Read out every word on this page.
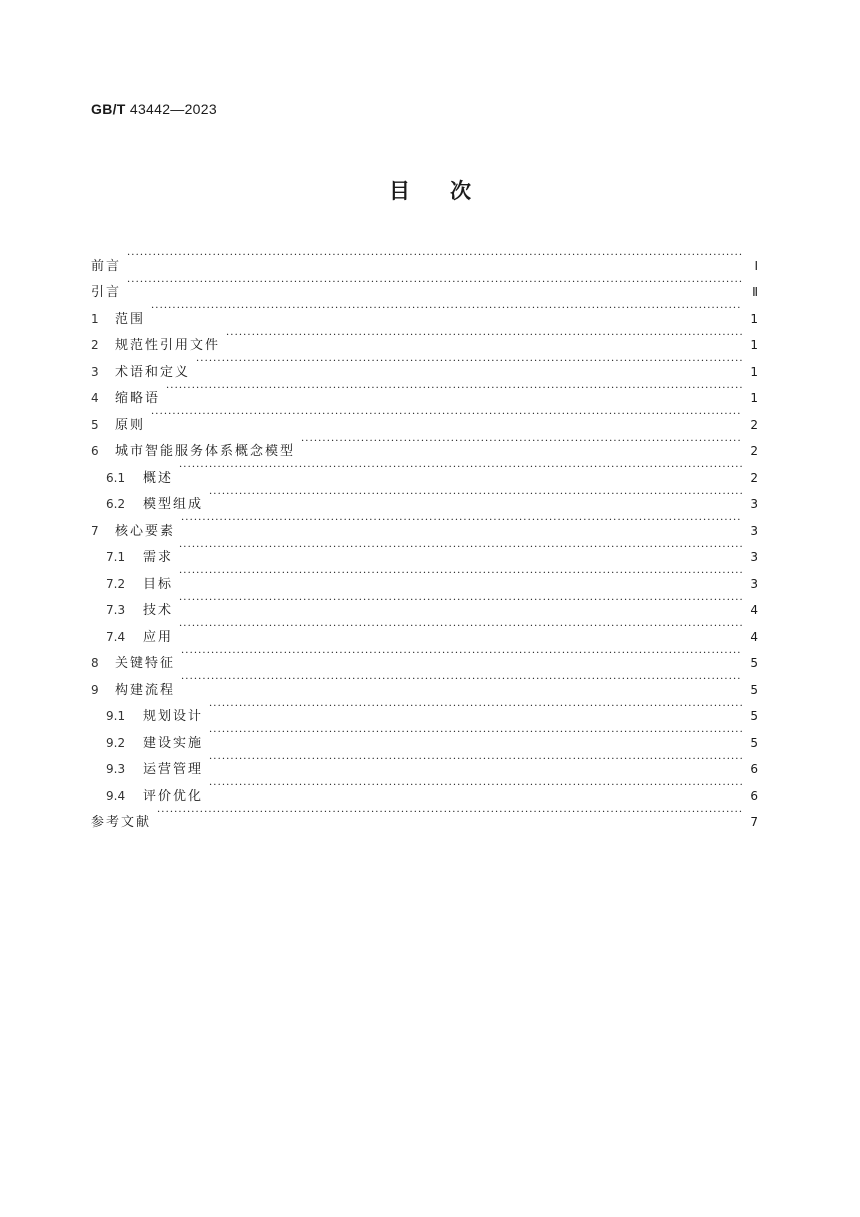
GB/T 43442—2023
目次
前言 ·····	Ⅰ
引言 ·····	Ⅱ
1	范围 ·····	1
2	规范性引用文件 ·····	1
3	术语和定义 ·····	1
4	缩略语 ·····	1
5	原则 ·····	2
6	城市智能服务体系概念模型 ·····	2
6.1	概述 ·····	2
6.2	模型组成 ·····	3
7	核心要素 ·····	3
7.1	需求 ·····	3
7.2	目标 ·····	3
7.3	技术 ·····	4
7.4	应用 ·····	4
8	关键特征 ·····	5
9	构建流程 ·····	5
9.1	规划设计 ·····	5
9.2	建设实施 ·····	5
9.3	运营管理 ·····	6
9.4	评价优化 ·····	6
参考文献 ·····	7
